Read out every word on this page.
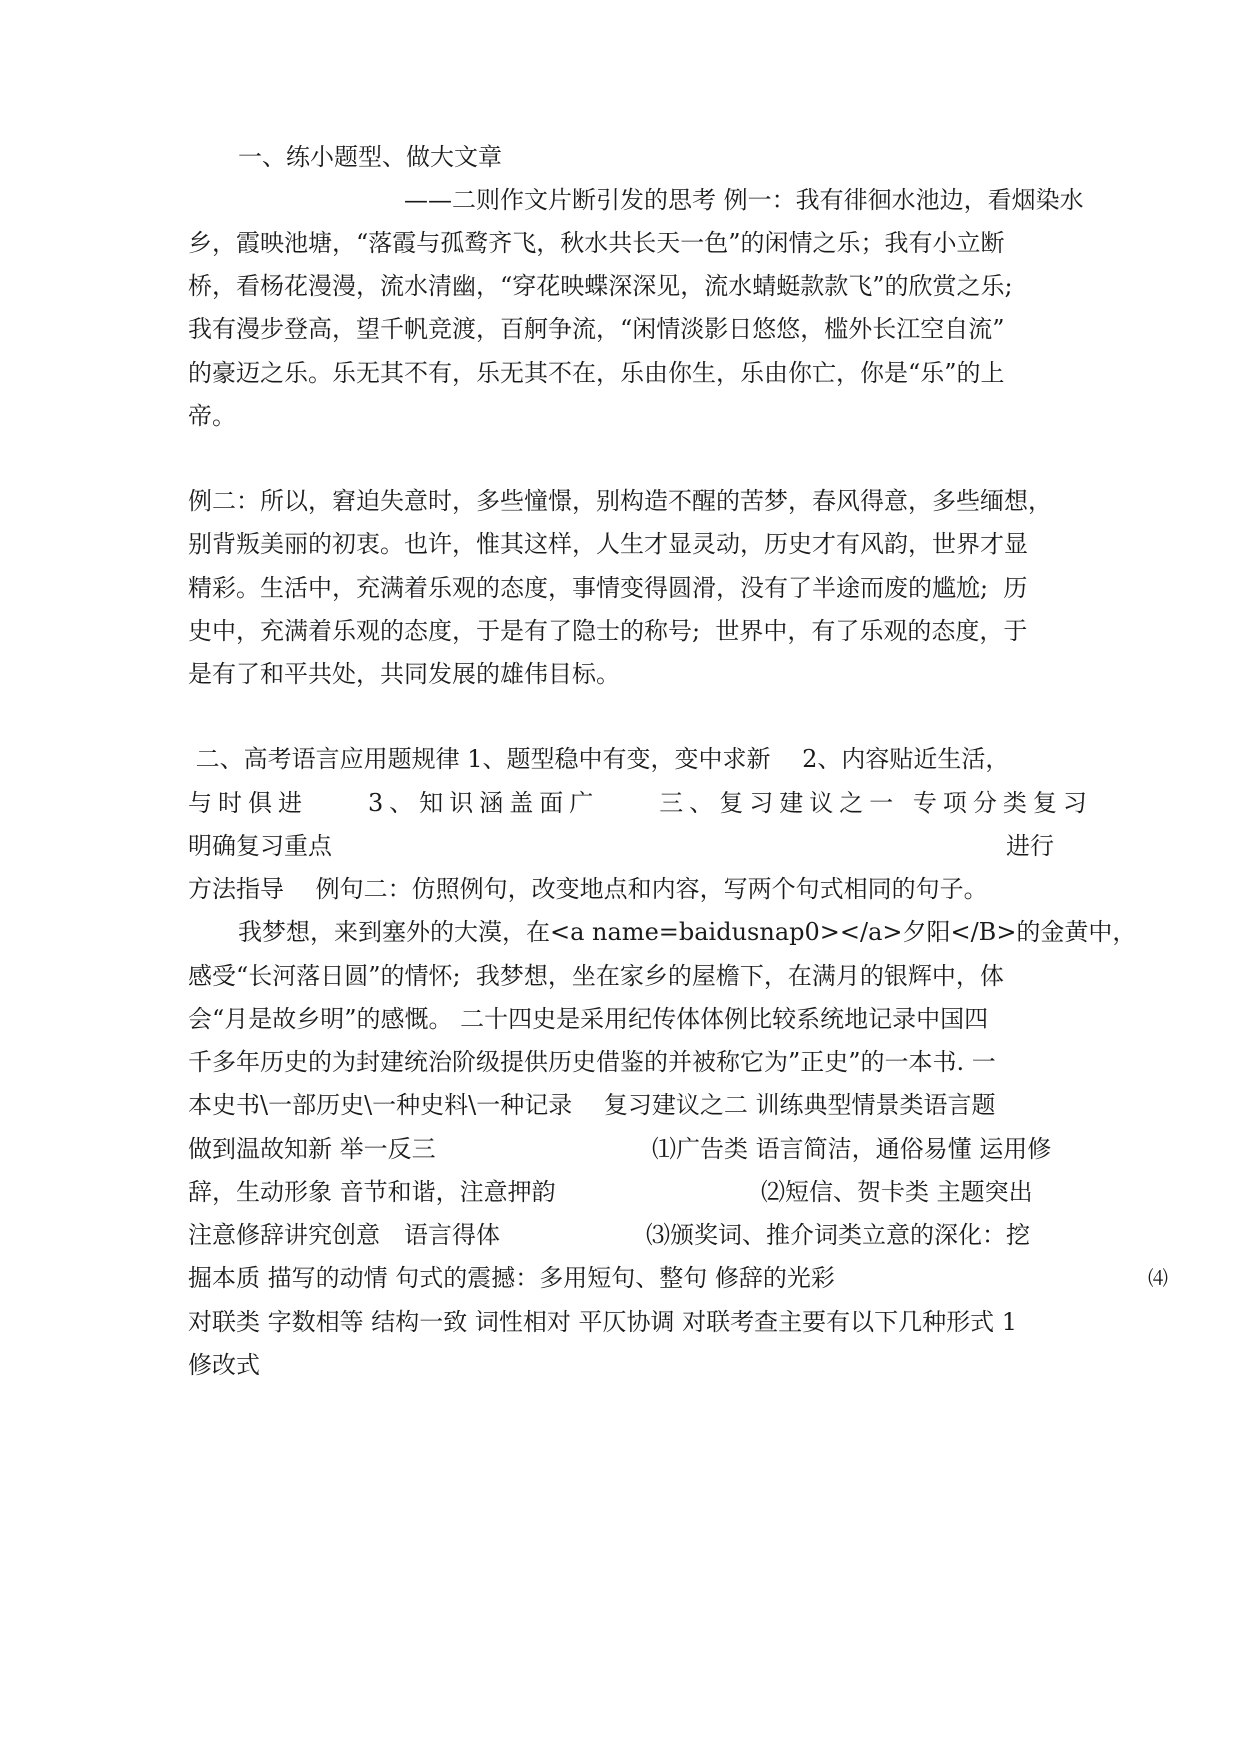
一、练小题型、做大文章
——二则作文片断引发的思考 例一：我有徘徊水池边，看烟染水
乡，霞映池塘，“落霞与孤鹜齐飞，秋水共长天一色”的闲情之乐；我有小立断
桥，看杨花漫漫，流水清幽，“穿花映蝶深深见，流水蜻蜓款款飞”的欣赏之乐;
我有漫步登高，望千帆竞渡，百舸争流，“闲情淡影日悠悠，槛外长江空自流”
的豪迈之乐。乐无其不有，乐无其不在，乐由你生，乐由你亡，你是“乐”的上
帝。
例二：所以，窘迫失意时，多些憧憬，别构造不醒的苦梦，春风得意，多些缅想，
别背叛美丽的初衷。也许，惟其这样，人生才显灵动，历史才有风韵，世界才显
精彩。生活中，充满着乐观的态度，事情变得圆滑，没有了半途而废的尴尬;  历
史中，充满着乐观的态度，于是有了隐士的称号;  世界中，有了乐观的态度，于
是有了和平共处，共同发展的雄伟目标。
二、高考语言应用题规律 1、题型稳中有变，变中求新　 2、内容贴近生活，
与时俱进　　3、知识涵盖面广　　三、复习建议之一 专项分类复习
明确复习重点	进行
方法指导　 例句二：仿照例句，改变地点和内容，写两个句式相同的句子。
我梦想，来到塞外的大漠，在<a name=baidusnap0></a>夕阳</B>的金黄中，
感受“长河落日圆”的情怀;  我梦想，坐在家乡的屋檐下，在满月的银辉中，体
会“月是故乡明”的感慨。 二十四史是采用纪传体体例比较系统地记录中国四
千多年历史的为封建统治阶级提供历史借鉴的并被称它为”正史”的一本书. 一
本史书\一部历史\一种史料\一种记录　 复习建议之二 训练典型情景类语言题
做到温故知新 举一反三	⑴广告类 语言简洁，通俗易懂 运用修
辞，生动形象 音节和谐，注意押韵	⑵短信、贺卡类 主题突出
注意修辞讲究创意　语言得体	⑶颁奖词、推介词类立意的深化：挖
掘本质 描写的动情 句式的震撼：多用短句、整句 修辞的光彩	⑷
对联类 字数相等 结构一致 词性相对 平仄协调 对联考查主要有以下几种形式 1
修改式
